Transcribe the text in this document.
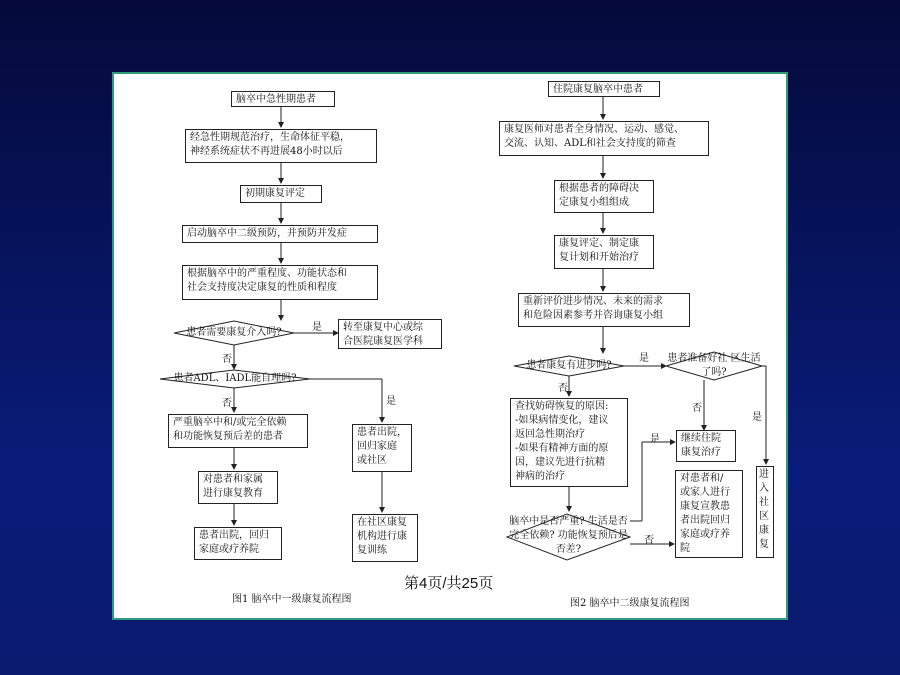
脑卒中急性期患者
经急性期规范治疗，生命体征平稳，
神经系统症状不再进展48小时以后
初期康复评定
启动脑卒中二级预防，并预防并发症
根据脑卒中的严重程度、功能状态和
社会支持度决定康复的性质和程度
患者需要康复介入吗?	转至康复中心或综
合医院康复医学科
患者ADL、IADL能自理吗?
严重脑卒中和/或完全依赖
和功能恢复预后差的患者	患者出院，
回归家庭
或社区
对患者和家属
进行康复教育
患者出院，回归
家庭或疗养院
在社区康复
机构进行康
复训练
是
否
是
否
图1 脑卒中一级康复流程图
住院康复脑卒中患者
康复医师对患者全身情况、运动、感觉、
交流、认知、ADL和社会支持度的筛查
根据患者的障碍决
定康复小组组成
康复评定、制定康
复计划和开始治疗
重新评价进步情况、未来的需求
和危险因素参考并咨询康复小组
患者康复有进步吗?
患者准备好社 区生活了吗?
查找妨碍恢复的原因:
-如果病情变化，建议
返回急性期治疗
-如果有精神方面的原
因，建议先进行抗精
神病的治疗
继续住院
康复治疗
进
入
社
区
康
复
脑卒中是否严重? 生活是否完全依赖? 功能恢复预后是否差?
对患者和/
或家人进行
康复宣教患
者出院回归
家庭或疗养
院
是
否
否
是
是
否
图2 脑卒中二级康复流程图
第4页/共25页
